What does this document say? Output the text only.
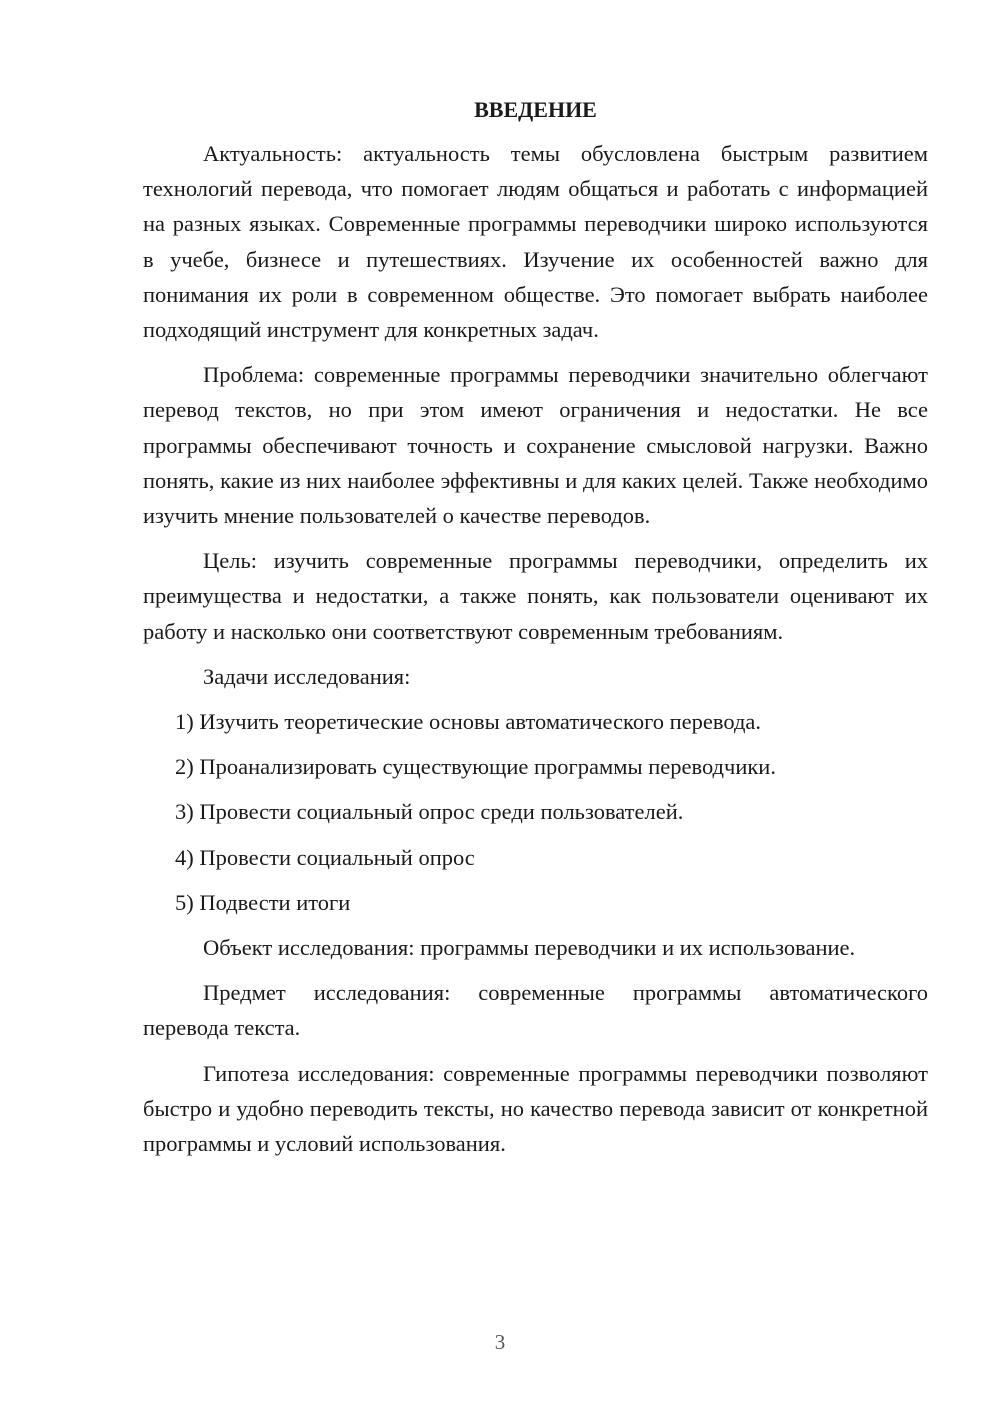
ВВЕДЕНИЕ

Актуальность: актуальность темы обусловлена быстрым развитием технологий перевода, что помогает людям общаться и работать с информацией на разных языках. Современные программы переводчики широко используются в учебе, бизнесе и путешествиях. Изучение их особенностей важно для понимания их роли в современном обществе. Это помогает выбрать наиболее подходящий инструмент для конкретных задач.

Проблема: современные программы переводчики значительно облегчают перевод текстов, но при этом имеют ограничения и недостатки. Не все программы обеспечивают точность и сохранение смысловой нагрузки. Важно понять, какие из них наиболее эффективны и для каких целей. Также необходимо изучить мнение пользователей о качестве переводов.

Цель: изучить современные программы переводчики, определить их преимущества и недостатки, а также понять, как пользователи оценивают их работу и насколько они соответствуют современным требованиям.

Задачи исследования:

1) Изучить теоретические основы автоматического перевода.
2) Проанализировать существующие программы переводчики.
3) Провести социальный опрос среди пользователей.
4) Провести социальный опрос
5) Подвести итоги

Объект исследования: программы переводчики и их использование.

Предмет исследования: современные программы автоматического перевода текста.

Гипотеза исследования: современные программы переводчики позволяют быстро и удобно переводить тексты, но качество перевода зависит от конкретной программы и условий использования.

3
